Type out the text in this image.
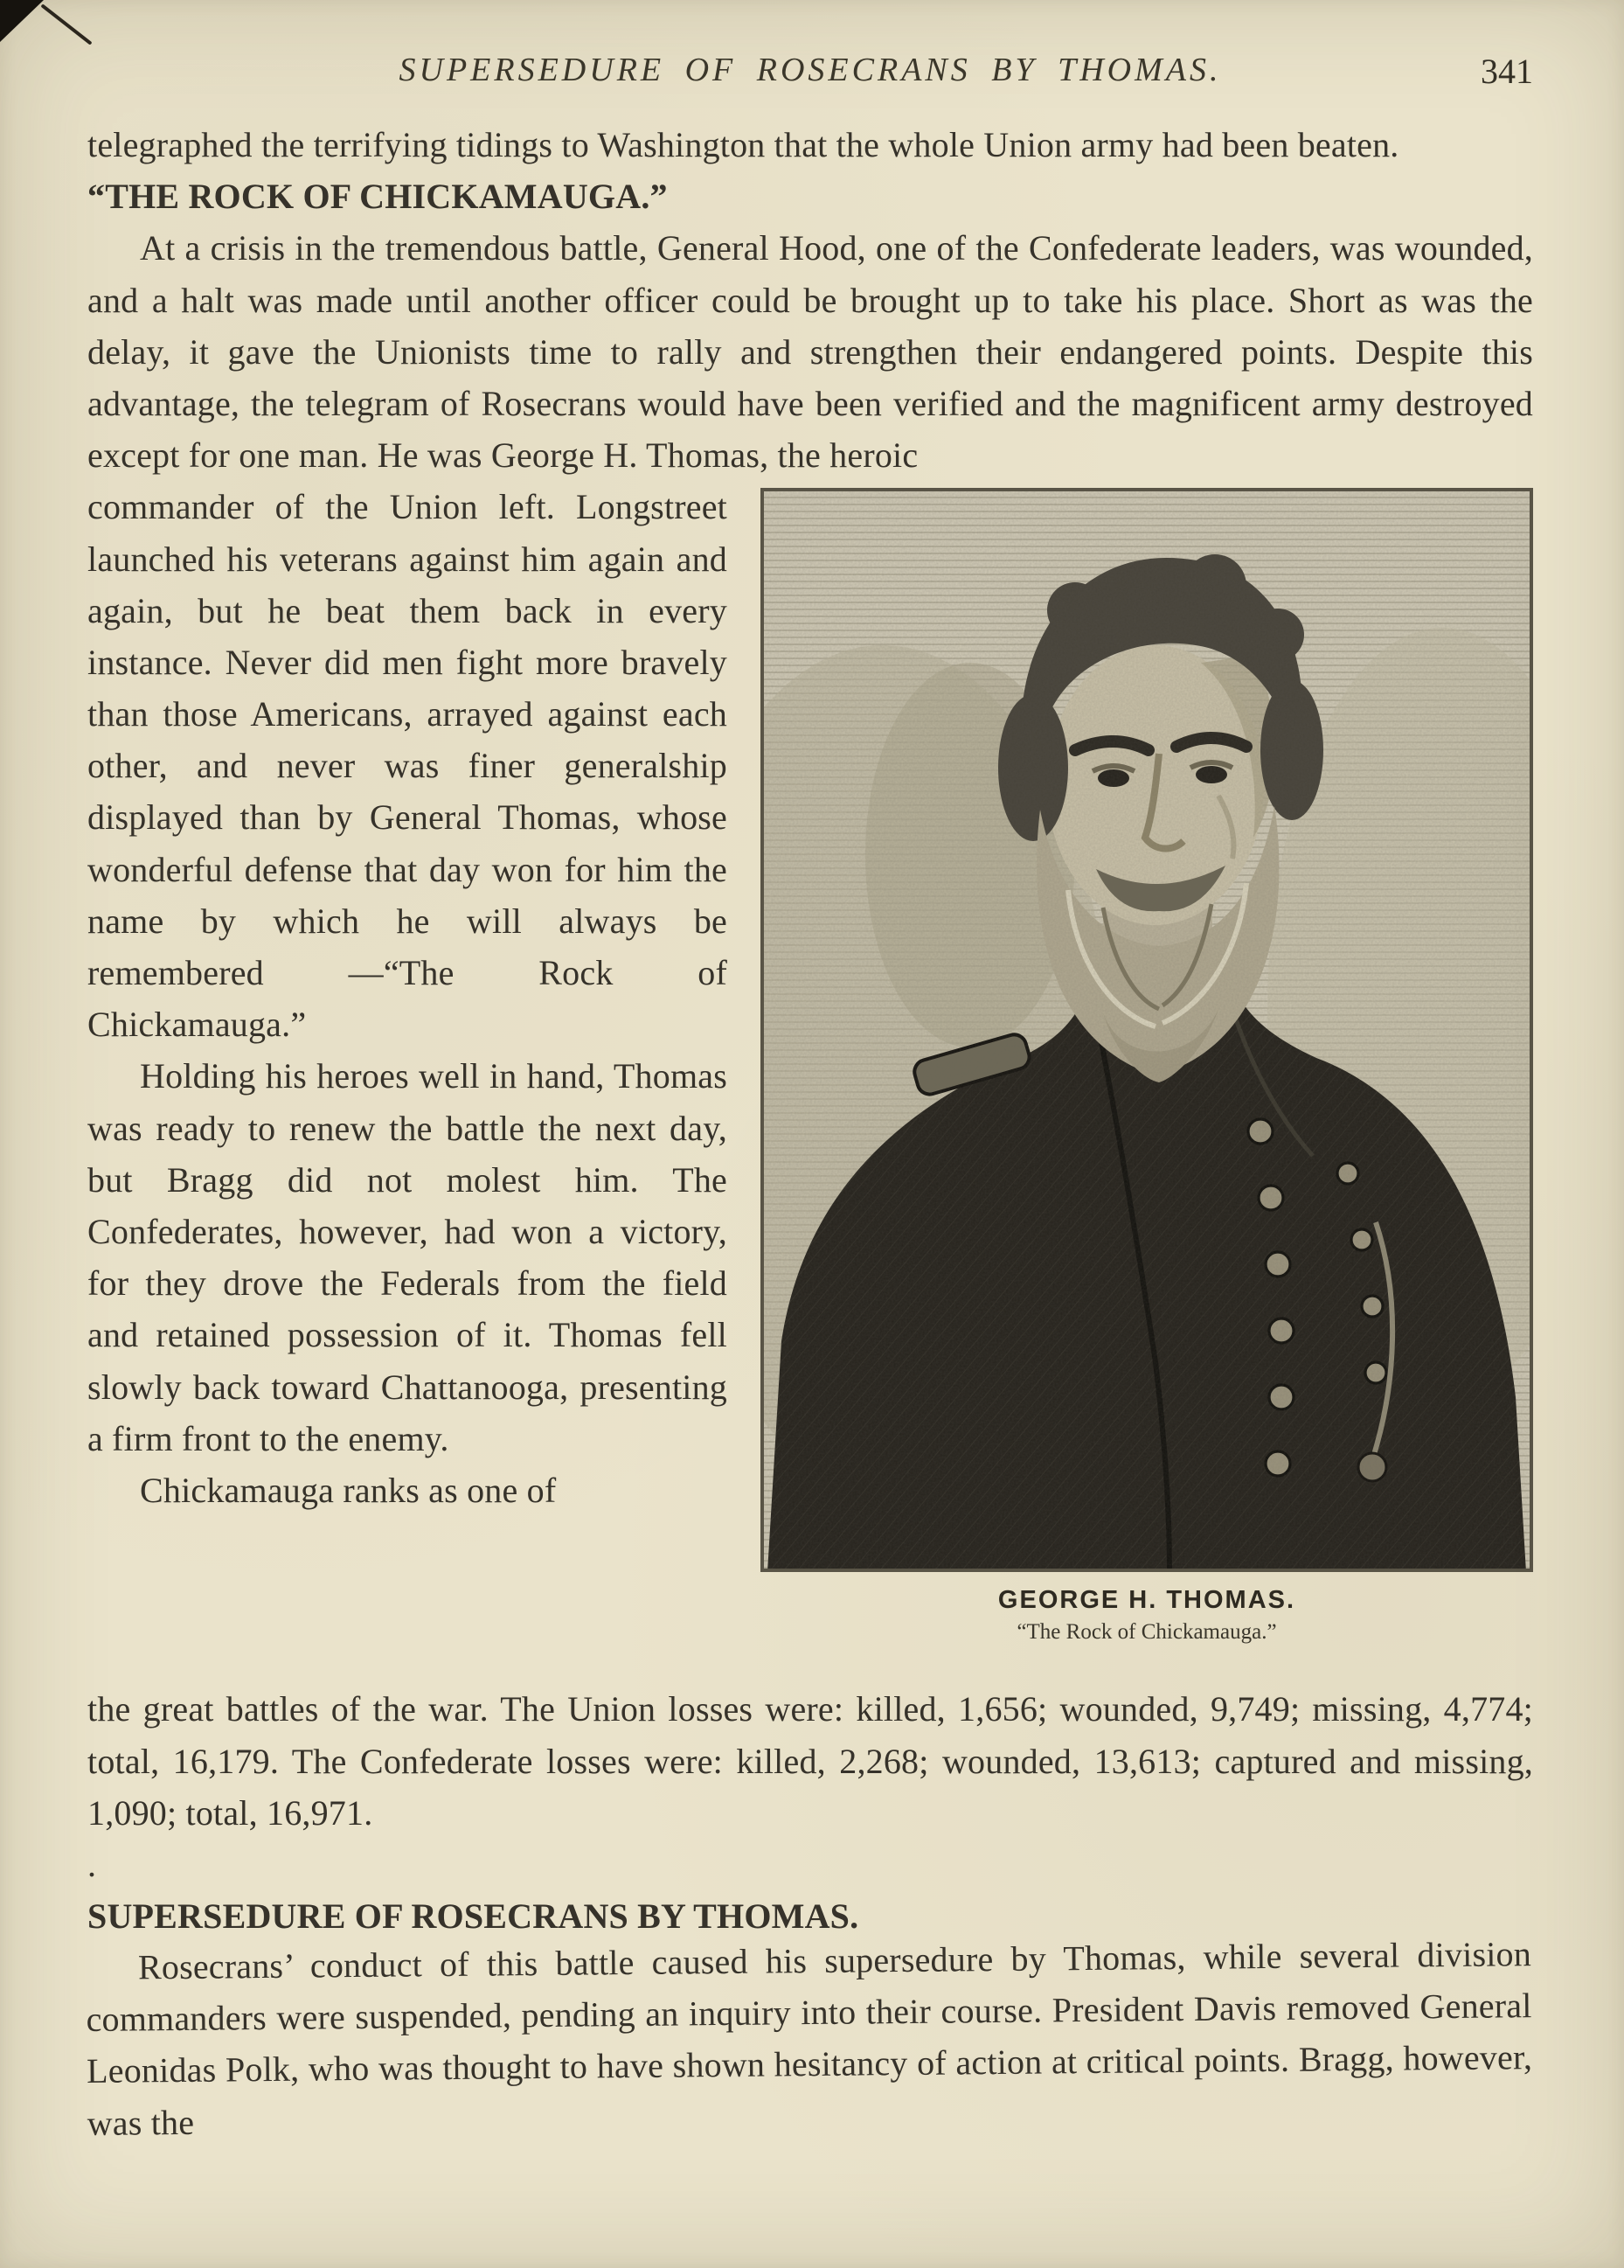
SUPERSEDURE OF ROSECRANS BY THOMAS.	341

telegraphed the terrifying tidings to Washington that the whole Union army had been beaten.

“THE ROCK OF CHICKAMAUGA.”

At a crisis in the tremendous battle, General Hood, one of the Confederate leaders, was wounded, and a halt was made until another officer could be brought up to take his place. Short as was the delay, it gave the Unionists time to rally and strengthen their endangered points. Despite this advantage, the telegram of Rosecrans would have been verified and the magnificent army destroyed except for one man. He was George H. Thomas, the heroic

GEORGE H. THOMAS.
“The Rock of Chickamauga.”

commander of the Union left. Longstreet launched his veterans against him again and again, but he beat them back in every instance. Never did men fight more bravely than those Americans, arrayed against each other, and never was finer generalship displayed than by General Thomas, whose wonderful defense that day won for him the name by which he will always be remembered —“The Rock of Chickamauga.”

Holding his heroes well in hand, Thomas was ready to renew the battle the next day, but Bragg did not molest him. The Confederates, however, had won a victory, for they drove the Federals from the field and retained possession of it. Thomas fell slowly back toward Chattanooga, presenting a firm front to the enemy.

Chickamauga ranks as one of

the great battles of the war. The Union losses were: killed, 1,656; wounded, 9,749; missing, 4,774; total, 16,179. The Confederate losses were: killed, 2,268; wounded, 13,613; captured and missing, 1,090; total, 16,971.

.

SUPERSEDURE OF ROSECRANS BY THOMAS.

Rosecrans’ conduct of this battle caused his supersedure by Thomas, while several division commanders were suspended, pending an inquiry into their course. President Davis removed General Leonidas Polk, who was thought to have shown hesitancy of action at critical points. Bragg, however, was the
